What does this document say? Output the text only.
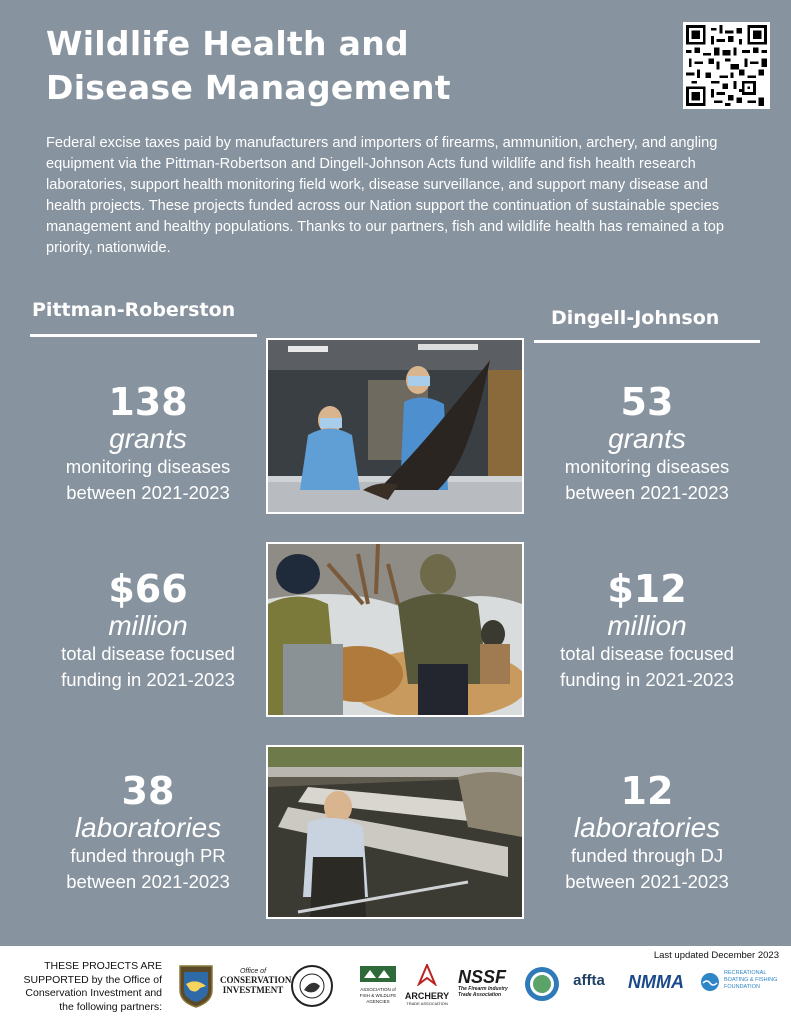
Wildlife Health and
Disease Management

Federal excise taxes paid by manufacturers and importers of firearms, ammunition, archery, and angling equipment via the Pittman-Robertson and Dingell-Johnson Acts fund wildlife and fish health research laboratories, support health monitoring field work, disease surveillance, and support many disease and health projects. These projects funded across our Nation support the continuation of sustainable species management and healthy populations. Thanks to our partners, fish and wildlife health has remained a top priority, nationwide.

Pittman-Roberston	Dingell-Johnson
138
grants
monitoring diseases
between 2021-2023
53
grants
monitoring diseases
between 2021-2023
$66
million
total disease focused
funding in 2021-2023
$12
million
total disease focused
funding in 2021-2023
38
laboratories
funded through PR
between 2021-2023
12
laboratories
funded through DJ
between 2021-2023
Last updated December 2023
THESE PROJECTS ARE SUPPORTED by the Office of Conservation Investment and the following partners:
Office of
CONSERVATION
INVESTMENT	ASSOCIATION of FISH & WILDLIFE AGENCIES
ARCHERY
TRADE ASSOCIATION
NSSF
The Firearm Industry Trade Association
affta	NMMA	RECREATIONAL BOATING & FISHING FOUNDATION
